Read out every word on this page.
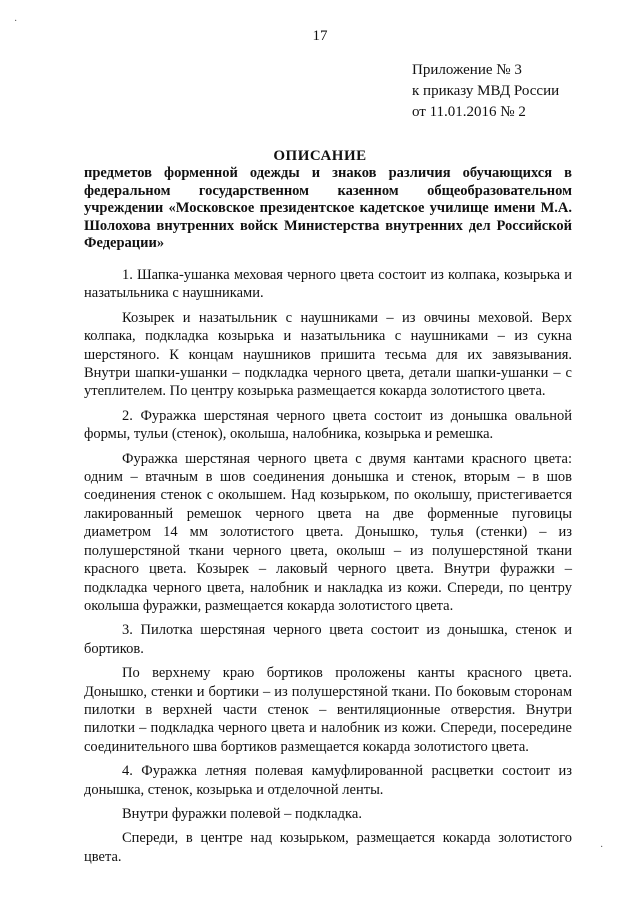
·
·
17
Приложение № 3
к приказу МВД России
от 11.01.2016 № 2
ОПИСАНИЕ
предметов форменной одежды и знаков различия обучающихся в федеральном государственном казенном общеобразовательном учреждении «Московское президентское кадетское училище имени М.А. Шолохова внутренних войск Министерства внутренних дел Российской Федерации»

1. Шапка-ушанка меховая черного цвета состоит из колпака, козырька и назатыльника с наушниками.

Козырек и назатыльник с наушниками – из овчины меховой. Верх колпака, подкладка козырька и назатыльника с наушниками – из сукна шерстяного. К концам наушников пришита тесьма для их завязывания. Внутри шапки-ушанки – подкладка черного цвета, детали шапки-ушанки – с утеплителем. По центру козырька размещается кокарда золотистого цвета.

2. Фуражка шерстяная черного цвета состоит из донышка овальной формы, тульи (стенок), околыша, налобника, козырька и ремешка.

Фуражка шерстяная черного цвета с двумя кантами красного цвета: одним – втачным в шов соединения донышка и стенок, вторым – в шов соединения стенок с околышем. Над козырьком, по околышу, пристегивается лакированный ремешок черного цвета на две форменные пуговицы диаметром 14 мм золотистого цвета. Донышко, тулья (стенки) – из полушерстяной ткани черного цвета, околыш – из полушерстяной ткани красного цвета. Козырек – лаковый черного цвета. Внутри фуражки – подкладка черного цвета, налобник и накладка из кожи. Спереди, по центру околыша фуражки, размещается кокарда золотистого цвета.

3. Пилотка шерстяная черного цвета состоит из донышка, стенок и бортиков.

По верхнему краю бортиков проложены канты красного цвета. Донышко, стенки и бортики – из полушерстяной ткани. По боковым сторонам пилотки в верхней части стенок – вентиляционные отверстия. Внутри пилотки – подкладка черного цвета и налобник из кожи. Спереди, посередине соединительного шва бортиков размещается кокарда золотистого цвета.

4. Фуражка летняя полевая камуфлированной расцветки состоит из донышка, стенок, козырька и отделочной ленты.

Внутри фуражки полевой – подкладка.

Спереди, в центре над козырьком, размещается кокарда золотистого цвета.
